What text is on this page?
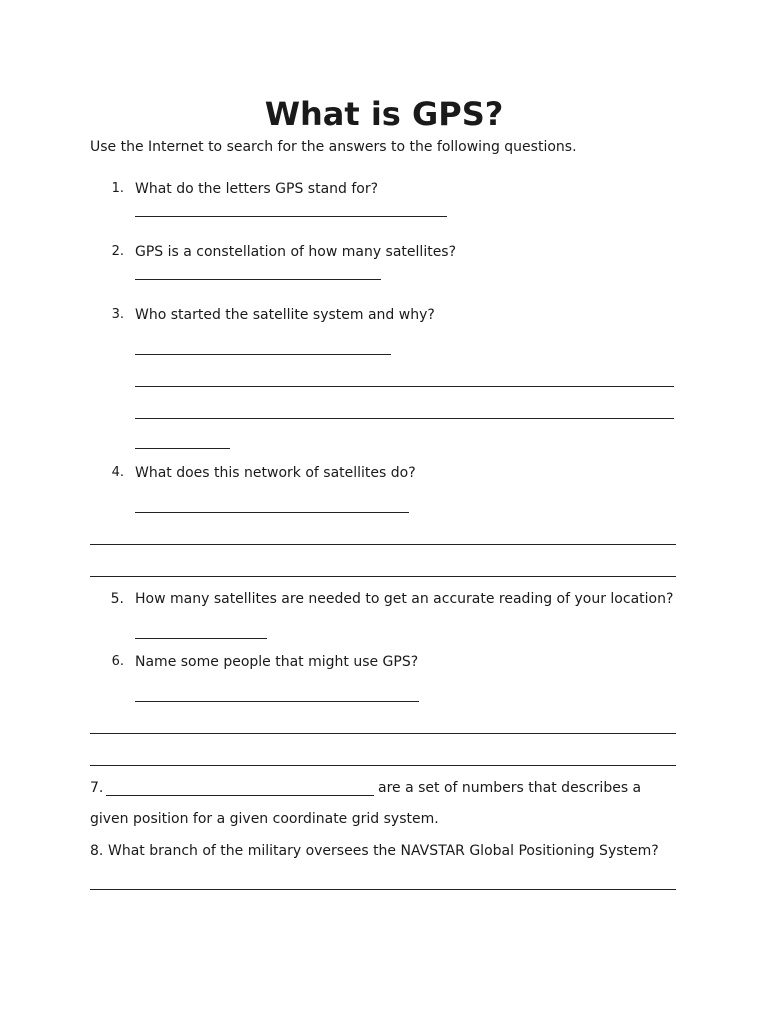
What is GPS?
Use the Internet to search for the answers to the following questions.
1. What do the letters GPS stand for?
2. GPS is a constellation of how many satellites?
3. Who started the satellite system and why?
4. What does this network of satellites do?
5. How many satellites are needed to get an accurate reading of your location?
6. Name some people that might use GPS?
7.	are a set of numbers that describes a
given position for a given coordinate grid system.
8. What branch of the military oversees the NAVSTAR Global Positioning System?
